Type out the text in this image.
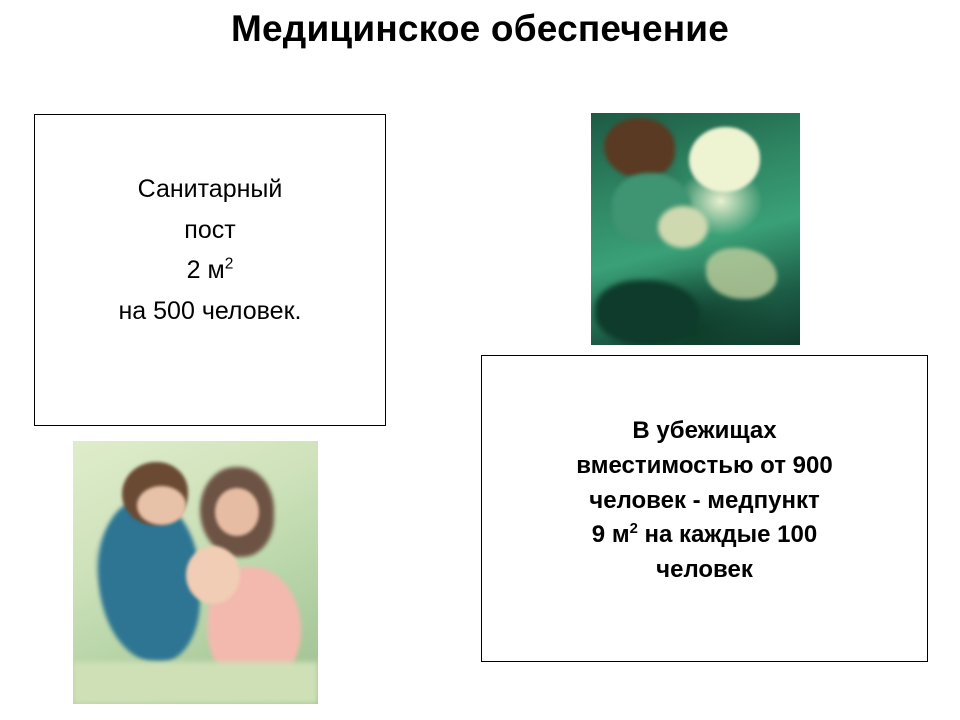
Медицинское обеспечение
Санитарный
пост
2 $м^2$
на 500 человек.
В убежищах
вместимостью от 900
человек - медпункт
9 $м^2$ на каждые 100
человек
